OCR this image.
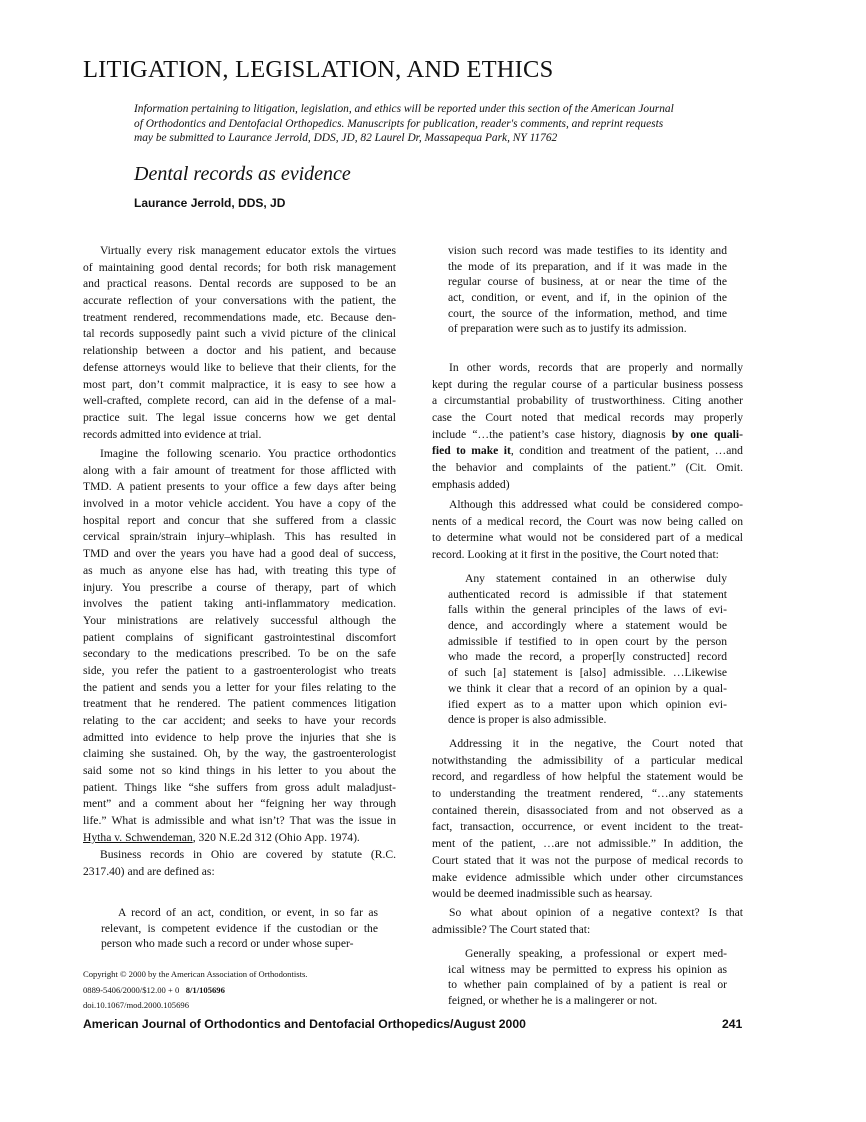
LITIGATION, LEGISLATION, AND ETHICS
Information pertaining to litigation, legislation, and ethics will be reported under this section of the American Journal
of Orthodontics and Dentofacial Orthopedics. Manuscripts for publication, reader's comments, and reprint requests
may be submitted to Laurance Jerrold, DDS, JD, 82 Laurel Dr, Massapequa Park, NY 11762
Dental records as evidence
Laurance Jerrold, DDS, JD
Virtually every risk management educator extols the virtues
of maintaining good dental records; for both risk management
and practical reasons. Dental records are supposed to be an
accurate reflection of your conversations with the patient, the
treatment rendered, recommendations made, etc. Because den-
tal records supposedly paint such a vivid picture of the clinical
relationship between a doctor and his patient, and because
defense attorneys would like to believe that their clients, for the
most part, don’t commit malpractice, it is easy to see how a
well-crafted, complete record, can aid in the defense of a mal-
practice suit. The legal issue concerns how we get dental
records admitted into evidence at trial.
Imagine the following scenario. You practice orthodontics
along with a fair amount of treatment for those afflicted with
TMD. A patient presents to your office a few days after being
involved in a motor vehicle accident. You have a copy of the
hospital report and concur that she suffered from a classic
cervical sprain/strain injury–whiplash. This has resulted in
TMD and over the years you have had a good deal of success,
as much as anyone else has had, with treating this type of
injury. You prescribe a course of therapy, part of which
involves the patient taking anti-inflammatory medication.
Your ministrations are relatively successful although the
patient complains of significant gastrointestinal discomfort
secondary to the medications prescribed. To be on the safe
side, you refer the patient to a gastroenterologist who treats
the patient and sends you a letter for your files relating to the
treatment that he rendered. The patient commences litigation
relating to the car accident; and seeks to have your records
admitted into evidence to help prove the injuries that she is
claiming she sustained. Oh, by the way, the gastroenterologist
said some not so kind things in his letter to you about the
patient. Things like “she suffers from gross adult maladjust-
ment” and a comment about her “feigning her way through
life.” What is admissible and what isn’t? That was the issue in
Hytha v. Schwendeman, 320 N.E.2d 312 (Ohio App. 1974).
Business records in Ohio are covered by statute (R.C.
2317.40) and are defined as:
A record of an act, condition, or event, in so far as
relevant, is competent evidence if the custodian or the
person who made such a record or under whose super-
vision such record was made testifies to its identity and
the mode of its preparation, and if it was made in the
regular course of business, at or near the time of the
act, condition, or event, and if, in the opinion of the
court, the source of the information, method, and time
of preparation were such as to justify its admission.
In other words, records that are properly and normally
kept during the regular course of a particular business possess
a circumstantial probability of trustworthiness. Citing another
case the Court noted that medical records may properly
include “…the patient’s case history, diagnosis by one quali-
fied to make it, condition and treatment of the patient, …and
the behavior and complaints of the patient.” (Cit. Omit.
emphasis added)
Although this addressed what could be considered compo-
nents of a medical record, the Court was now being called on
to determine what would not be considered part of a medical
record. Looking at it first in the positive, the Court noted that:
Any statement contained in an otherwise duly
authenticated record is admissible if that statement
falls within the general principles of the laws of evi-
dence, and accordingly where a statement would be
admissible if testified to in open court by the person
who made the record, a proper[ly constructed] record
of such [a] statement is [also] admissible. …Likewise
we think it clear that a record of an opinion by a qual-
ified expert as to a matter upon which opinion evi-
dence is proper is also admissible.
Addressing it in the negative, the Court noted that
notwithstanding the admissibility of a particular medical
record, and regardless of how helpful the statement would be
to understanding the treatment rendered, “…any statements
contained therein, disassociated from and not observed as a
fact, transaction, occurrence, or event incident to the treat-
ment of the patient, …are not admissible.” In addition, the
Court stated that it was not the purpose of medical records to
make evidence admissible which under other circumstances
would be deemed inadmissible such as hearsay.
So what about opinion of a negative context? Is that
admissible? The Court stated that:
Generally speaking, a professional or expert med-
ical witness may be permitted to express his opinion as
to whether pain complained of by a patient is real or
feigned, or whether he is a malingerer or not.
Copyright © 2000 by the American Association of Orthodontists.
0889-5406/2000/$12.00 + 0 8/1/105696
doi.10.1067/mod.2000.105696
American Journal of Orthodontics and Dentofacial Orthopedics/August 2000	241
